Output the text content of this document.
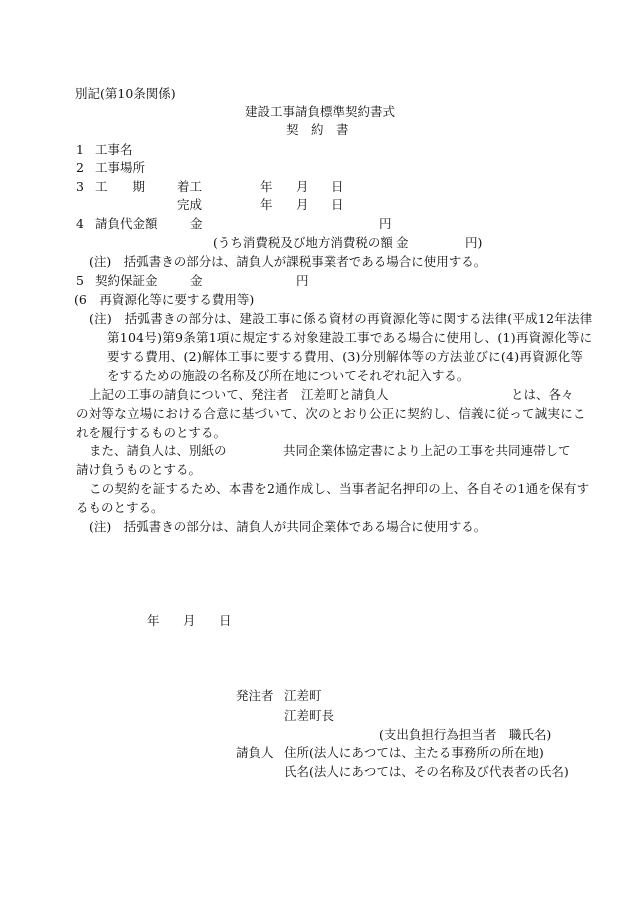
別記(第10条関係)
建設工事請負標準契約書式
契　約　書
1 工事名
2 工事場所
3 工　　期	着工	年 月 日
完成	年 月 日
4 請負代金額	金	円
(うち消費税及び地方消費税の額 金	円)
(注)　括弧書きの部分は、請負人が課税事業者である場合に使用する。
5 契約保証金	金	円
(6　再資源化等に要する費用等)
(注)　括弧書きの部分は、建設工事に係る資材の再資源化等に関する法律(平成12年法律
第104号)第9条第1項に規定する対象建設工事である場合に使用し、(1)再資源化等に
要する費用、(2)解体工事に要する費用、(3)分別解体等の方法並びに(4)再資源化等
をするための施設の名称及び所在地についてそれぞれ記入する。
上記の工事の請負について、発注者　江差町と請負人	とは、各々
の対等な立場における合意に基づいて、次のとおり公正に契約し、信義に従って誠実にこ
れを履行するものとする。
また、請負人は、別紙の	共同企業体協定書により上記の工事を共同連帯して
請け負うものとする。
この契約を証するため、本書を2通作成し、当事者記名押印の上、各自その1通を保有す
るものとする。
(注)　括弧書きの部分は、請負人が共同企業体である場合に使用する。
年 月 日
発注者 江差町
江差町長
(支出負担行為担当者　職氏名)
請負人 住所(法人にあつては、主たる事務所の所在地)
氏名(法人にあつては、その名称及び代表者の氏名)
